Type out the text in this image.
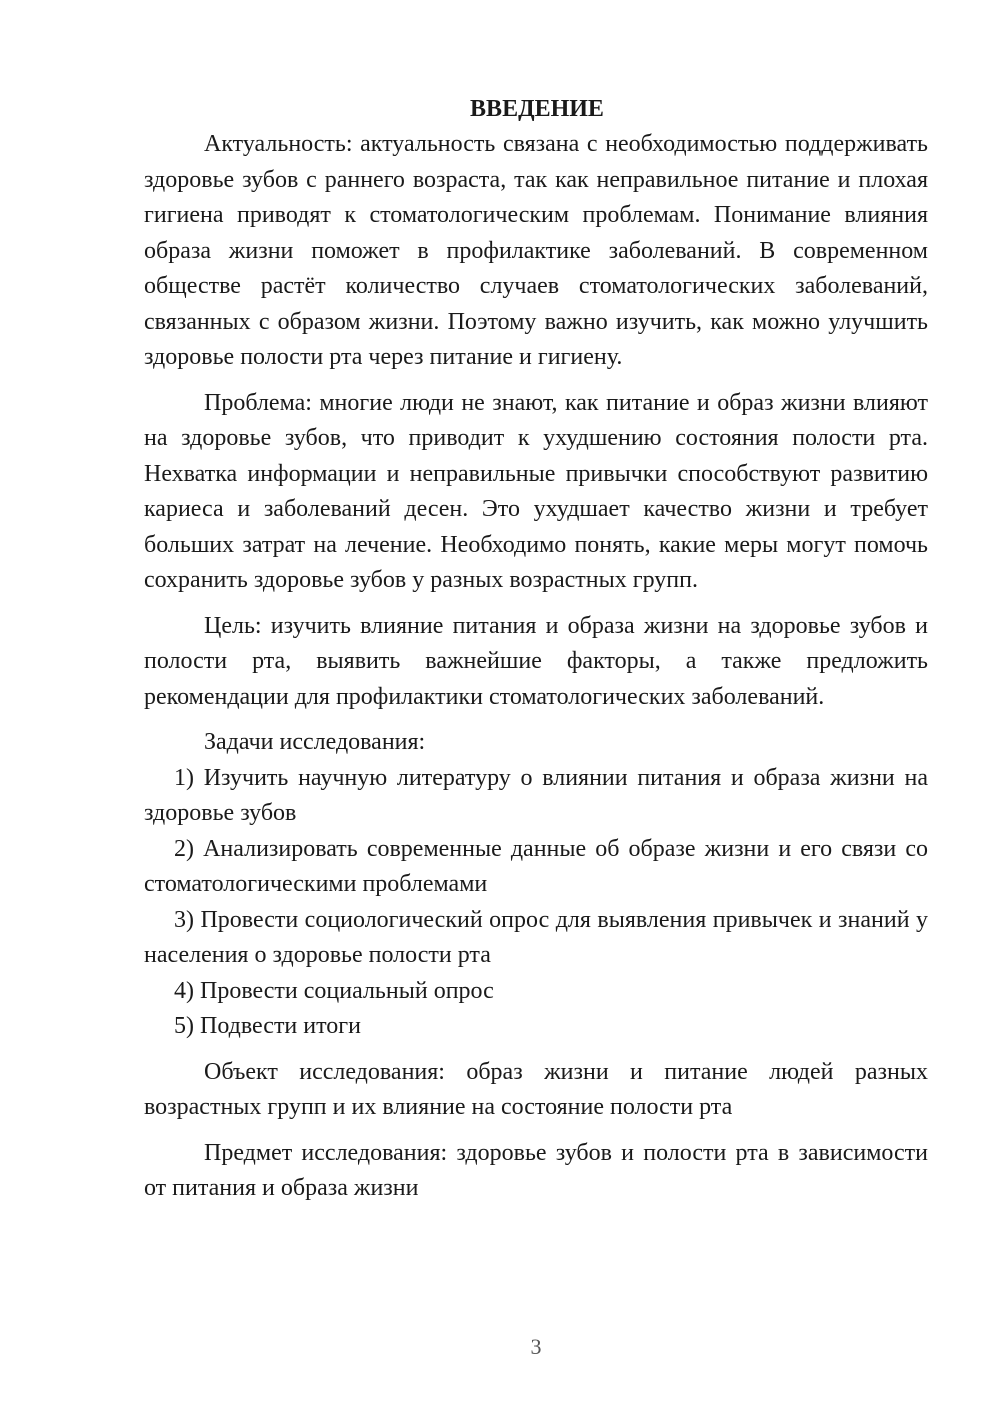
ВВЕДЕНИЕ

Актуальность: актуальность связана с необходимостью поддерживать здоровье зубов с раннего возраста, так как неправильное питание и плохая гигиена приводят к стоматологическим проблемам. Понимание влияния образа жизни поможет в профилактике заболеваний. В современном обществе растёт количество случаев стоматологических заболеваний, связанных с образом жизни. Поэтому важно изучить, как можно улучшить здоровье полости рта через питание и гигиену.

Проблема: многие люди не знают, как питание и образ жизни влияют на здоровье зубов, что приводит к ухудшению состояния полости рта. Нехватка информации и неправильные привычки способствуют развитию кариеса и заболеваний десен. Это ухудшает качество жизни и требует больших затрат на лечение. Необходимо понять, какие меры могут помочь сохранить здоровье зубов у разных возрастных групп.

Цель: изучить влияние питания и образа жизни на здоровье зубов и полости рта, выявить важнейшие факторы, а также предложить рекомендации для профилактики стоматологических заболеваний.

Задачи исследования:

1) Изучить научную литературу о влиянии питания и образа жизни на здоровье зубов

2) Анализировать современные данные об образе жизни и его связи со стоматологическими проблемами

3) Провести социологический опрос для выявления привычек и знаний у населения о здоровье полости рта

4) Провести социальный опрос

5) Подвести итоги

Объект исследования: образ жизни и питание людей разных возрастных групп и их влияние на состояние полости рта

Предмет исследования: здоровье зубов и полости рта в зависимости от питания и образа жизни

3
